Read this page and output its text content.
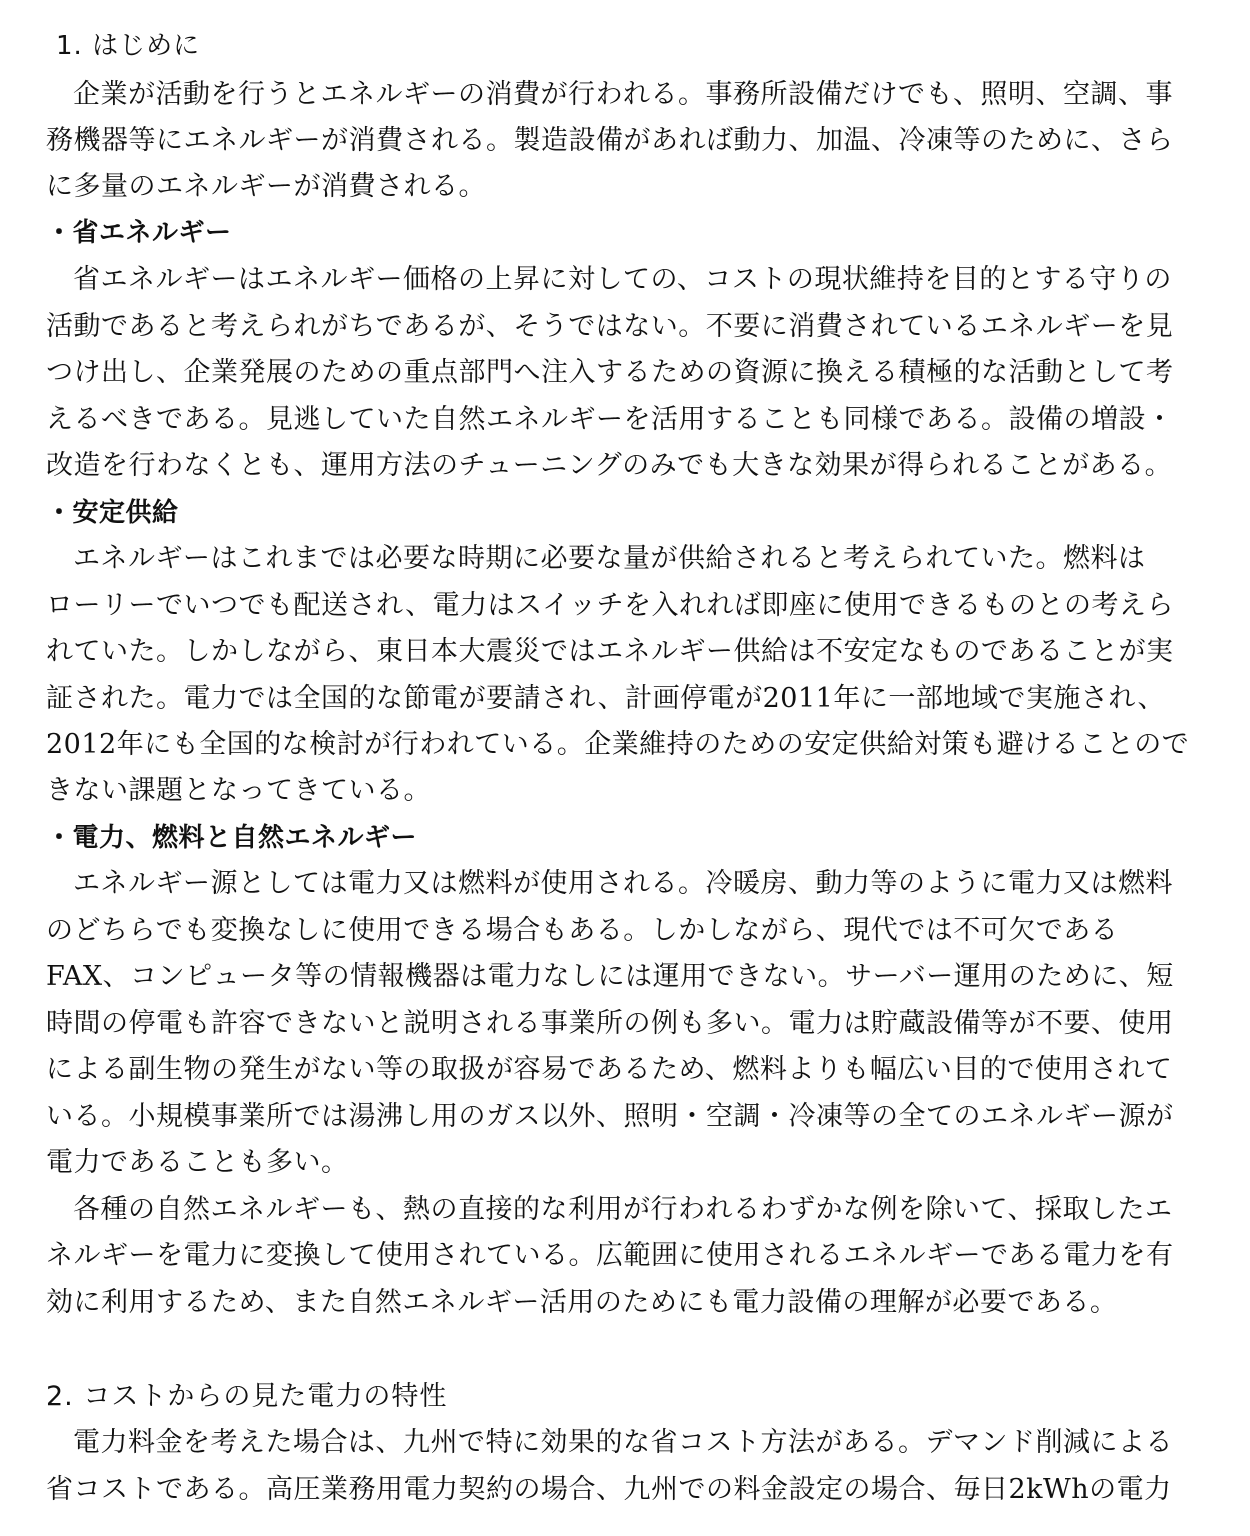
1. はじめに
企業が活動を行うとエネルギーの消費が行われる。事務所設備だけでも、照明、空調、事
務機器等にエネルギーが消費される。製造設備があれば動力、加温、冷凍等のために、さら
に多量のエネルギーが消費される。
・省エネルギー
省エネルギーはエネルギー価格の上昇に対しての、コストの現状維持を目的とする守りの
活動であると考えられがちであるが、そうではない。不要に消費されているエネルギーを見
つけ出し、企業発展のための重点部門へ注入するための資源に換える積極的な活動として考
えるべきである。見逃していた自然エネルギーを活用することも同様である。設備の増設・
改造を行わなくとも、運用方法のチューニングのみでも大きな効果が得られることがある。
・安定供給
エネルギーはこれまでは必要な時期に必要な量が供給されると考えられていた。燃料は
ローリーでいつでも配送され、電力はスイッチを入れれば即座に使用できるものとの考えら
れていた。しかしながら、東日本大震災ではエネルギー供給は不安定なものであることが実
証された。電力では全国的な節電が要請され、計画停電が2011年に一部地域で実施され、
2012年にも全国的な検討が行われている。企業維持のための安定供給対策も避けることので
きない課題となってきている。
・電力、燃料と自然エネルギー
エネルギー源としては電力又は燃料が使用される。冷暖房、動力等のように電力又は燃料
のどちらでも変換なしに使用できる場合もある。しかしながら、現代では不可欠である
FAX、コンピュータ等の情報機器は電力なしには運用できない。サーバー運用のために、短
時間の停電も許容できないと説明される事業所の例も多い。電力は貯蔵設備等が不要、使用
による副生物の発生がない等の取扱が容易であるため、燃料よりも幅広い目的で使用されて
いる。小規模事業所では湯沸し用のガス以外、照明・空調・冷凍等の全てのエネルギー源が
電力であることも多い。
各種の自然エネルギーも、熱の直接的な利用が行われるわずかな例を除いて、採取したエ
ネルギーを電力に変換して使用されている。広範囲に使用されるエネルギーである電力を有
効に利用するため、また自然エネルギー活用のためにも電力設備の理解が必要である。
2. コストからの見た電力の特性
電力料金を考えた場合は、九州で特に効果的な省コスト方法がある。デマンド削減による
省コストである。高圧業務用電力契約の場合、九州での料金設定の場合、毎日2kWhの電力
